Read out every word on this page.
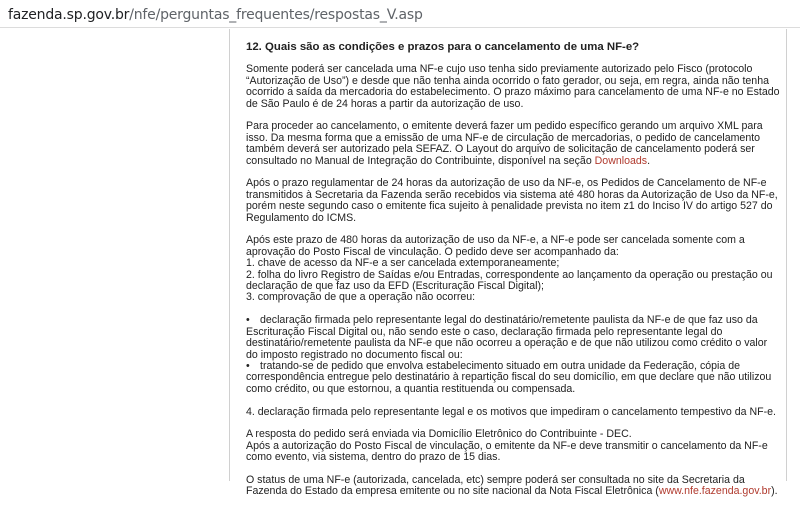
fazenda.sp.gov.br/nfe/perguntas_frequentes/respostas_V.asp
12. Quais são as condições e prazos para o cancelamento de uma NF-e?
Somente poderá ser cancelada uma NF-e cujo uso tenha sido previamente autorizado pelo Fisco (protocolo “Autorização de Uso”) e desde que não tenha ainda ocorrido o fato gerador, ou seja, em regra, ainda não tenha ocorrido a saída da mercadoria do estabelecimento. O prazo máximo para cancelamento de uma NF-e no Estado de São Paulo é de 24 horas a partir da autorização de uso.
Para proceder ao cancelamento, o emitente deverá fazer um pedido específico gerando um arquivo XML para isso. Da mesma forma que a emissão de uma NF-e de circulação de mercadorias, o pedido de cancelamento também deverá ser autorizado pela SEFAZ. O Layout do arquivo de solicitação de cancelamento poderá ser consultado no Manual de Integração do Contribuinte, disponível na seção Downloads.
Após o prazo regulamentar de 24 horas da autorização de uso da NF-e, os Pedidos de Cancelamento de NF-e transmitidos à Secretaria da Fazenda serão recebidos via sistema até 480 horas da Autorização de Uso da NF-e, porém neste segundo caso o emitente fica sujeito à penalidade prevista no item z1 do Inciso IV do artigo 527 do Regulamento do ICMS.
Após este prazo de 480 horas da autorização de uso da NF-e, a NF-e pode ser cancelada somente com a aprovação do Posto Fiscal de vinculação. O pedido deve ser acompanhado da:
1. chave de acesso da NF-e a ser cancelada extemporaneamente;
2. folha do livro Registro de Saídas e/ou Entradas, correspondente ao lançamento da operação ou prestação ou declaração de que faz uso da EFD (Escrituração Fiscal Digital);
3. comprovação de que a operação não ocorreu:
• declaração firmada pelo representante legal do destinatário/remetente paulista da NF-e de que faz uso da Escrituração Fiscal Digital ou, não sendo este o caso, declaração firmada pelo representante legal do destinatário/remetente paulista da NF-e que não ocorreu a operação e de que não utilizou como crédito o valor do imposto registrado no documento fiscal ou:
• tratando-se de pedido que envolva estabelecimento situado em outra unidade da Federação, cópia de correspondência entregue pelo destinatário à repartição fiscal do seu domicílio, em que declare que não utilizou como crédito, ou que estornou, a quantia restituenda ou compensada.
4. declaração firmada pelo representante legal e os motivos que impediram o cancelamento tempestivo da NF-e.
A resposta do pedido será enviada via Domicílio Eletrônico do Contribuinte - DEC.
Após a autorização do Posto Fiscal de vinculação, o emitente da NF-e deve transmitir o cancelamento da NF-e como evento, via sistema, dentro do prazo de 15 dias.
O status de uma NF-e (autorizada, cancelada, etc) sempre poderá ser consultada no site da Secretaria da Fazenda do Estado da empresa emitente ou no site nacional da Nota Fiscal Eletrônica (www.nfe.fazenda.gov.br).
